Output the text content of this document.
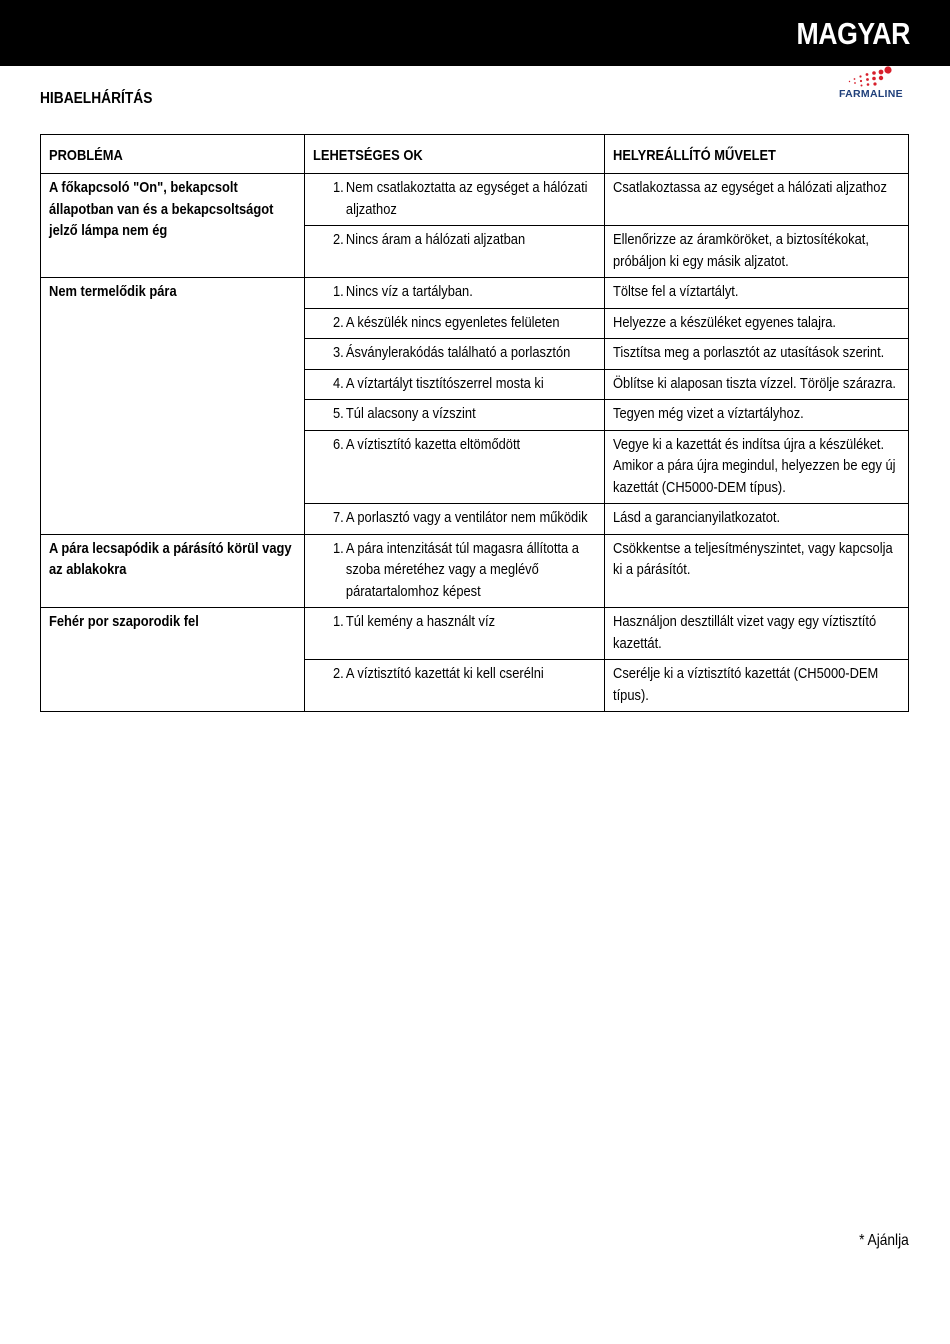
MAGYAR
HIBAELHÁRÍTÁS	FARMALINE
PROBLÉMA	LEHETSÉGES OK	HELYREÁLLÍTÓ MŰVELET

A főkapcsoló "On", bekapcsolt állapotban van és a bekapcsoltságot jelző lámpa nem ég	1. Nem csatlakoztatta az egységet a hálózati aljzathoz	Csatlakoztassa az egységet a hálózati aljzathoz

	2. Nincs áram a hálózati aljzatban	Ellenőrizze az áramköröket, a biztosítékokat, próbáljon ki egy másik aljzatot.

Nem termelődik pára	1. Nincs víz a tartályban.	Töltse fel a víztartályt.

	2. A készülék nincs egyenletes felületen	Helyezze a készüléket egyenes talajra.

	3. Ásványlerakódás található a porlasztón	Tisztítsa meg a porlasztót az utasítások szerint.

	4. A víztartályt tisztítószerrel mosta ki	Öblítse ki alaposan tiszta vízzel. Törölje szárazra.

	5. Túl alacsony a vízszint	Tegyen még vizet a víztartályhoz.

	6. A víztisztító kazetta eltömődött	Vegye ki a kazettát és indítsa újra a készüléket. Amikor a pára újra megindul, helyezzen be egy új kazettát (CH5000-DEM típus).

	7. A porlasztó vagy a ventilátor nem működik	Lásd a garancianyilatkozatot.

A pára lecsapódik a párásító körül vagy az ablakokra	1. A pára intenzitását túl magasra állította a szoba méretéhez vagy a meglévő páratartalomhoz képest	Csökkentse a teljesítményszintet, vagy kapcsolja ki a párásítót.

Fehér por szaporodik fel	1. Túl kemény a használt víz	Használjon desztillált vizet vagy egy víztisztító kazettát.

	2. A víztisztító kazettát ki kell cserélni	Cserélje ki a víztisztító kazettát (CH5000-DEM típus).
* Ajánlja
